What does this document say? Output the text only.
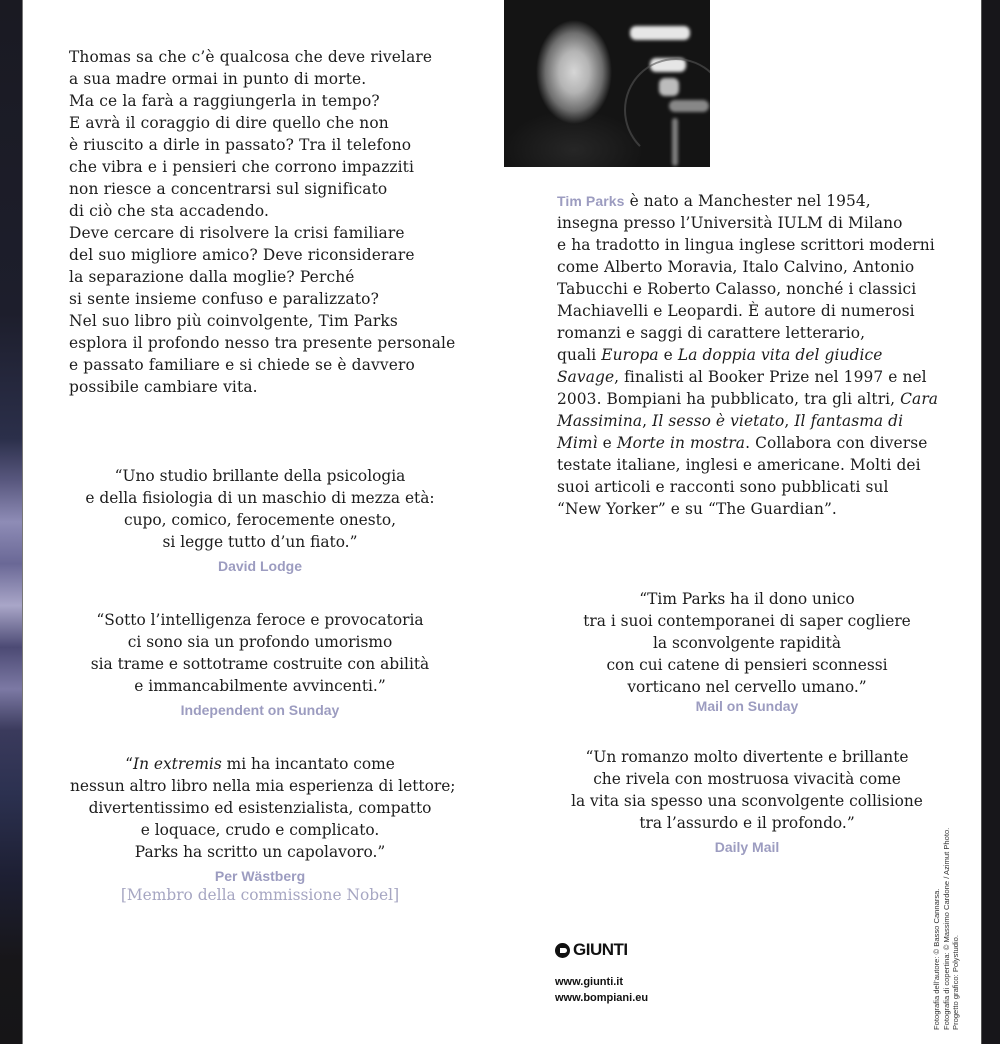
Thomas sa che c’è qualcosa che deve rivelare
a sua madre ormai in punto di morte.
Ma ce la farà a raggiungerla in tempo?
E avrà il coraggio di dire quello che non
è riuscito a dirle in passato? Tra il telefono
che vibra e i pensieri che corrono impazziti
non riesce a concentrarsi sul significato
di ciò che sta accadendo.
Deve cercare di risolvere la crisi familiare
del suo migliore amico? Deve riconsiderare
la separazione dalla moglie? Perché
si sente insieme confuso e paralizzato?
Nel suo libro più coinvolgente, Tim Parks
esplora il profondo nesso tra presente personale
e passato familiare e si chiede se è davvero
possibile cambiare vita.
“Uno studio brillante della psicologia
e della fisiologia di un maschio di mezza età:
cupo, comico, ferocemente onesto,
si legge tutto d’un fiato.”
David Lodge
“Sotto l’intelligenza feroce e provocatoria
ci sono sia un profondo umorismo
sia trame e sottotrame costruite con abilità
e immancabilmente avvincenti.”
Independent on Sunday
“In extremis mi ha incantato come
nessun altro libro nella mia esperienza di lettore;
divertentissimo ed esistenzialista, compatto
e loquace, crudo e complicato.
Parks ha scritto un capolavoro.”
Per Wästberg
[Membro della commissione Nobel]
Tim Parks è nato a Manchester nel 1954,
insegna presso l’Università IULM di Milano
e ha tradotto in lingua inglese scrittori moderni
come Alberto Moravia, Italo Calvino, Antonio
Tabucchi e Roberto Calasso, nonché i classici
Machiavelli e Leopardi. È autore di numerosi
romanzi e saggi di carattere letterario,
quali Europa e La doppia vita del giudice
Savage, finalisti al Booker Prize nel 1997 e nel
2003. Bompiani ha pubblicato, tra gli altri, Cara
Massimina, Il sesso è vietato, Il fantasma di
Mimì e Morte in mostra. Collabora con diverse
testate italiane, inglesi e americane. Molti dei
suoi articoli e racconti sono pubblicati sul
“New Yorker” e su “The Guardian”.
“Tim Parks ha il dono unico
tra i suoi contemporanei di saper cogliere
la sconvolgente rapidità
con cui catene di pensieri sconnessi
vorticano nel cervello umano.”
Mail on Sunday
“Un romanzo molto divertente e brillante
che rivela con mostruosa vivacità come
la vita sia spesso una sconvolgente collisione
tra l’assurdo e il profondo.”
Daily Mail
GIUNTI
www.giunti.it
www.bompiani.eu	Fotografia dell’autore: © Basso Cannarsa. Fotografia di copertina: © Massimo Cardone / Azimut Photo. Progetto grafico: Polystudio.
